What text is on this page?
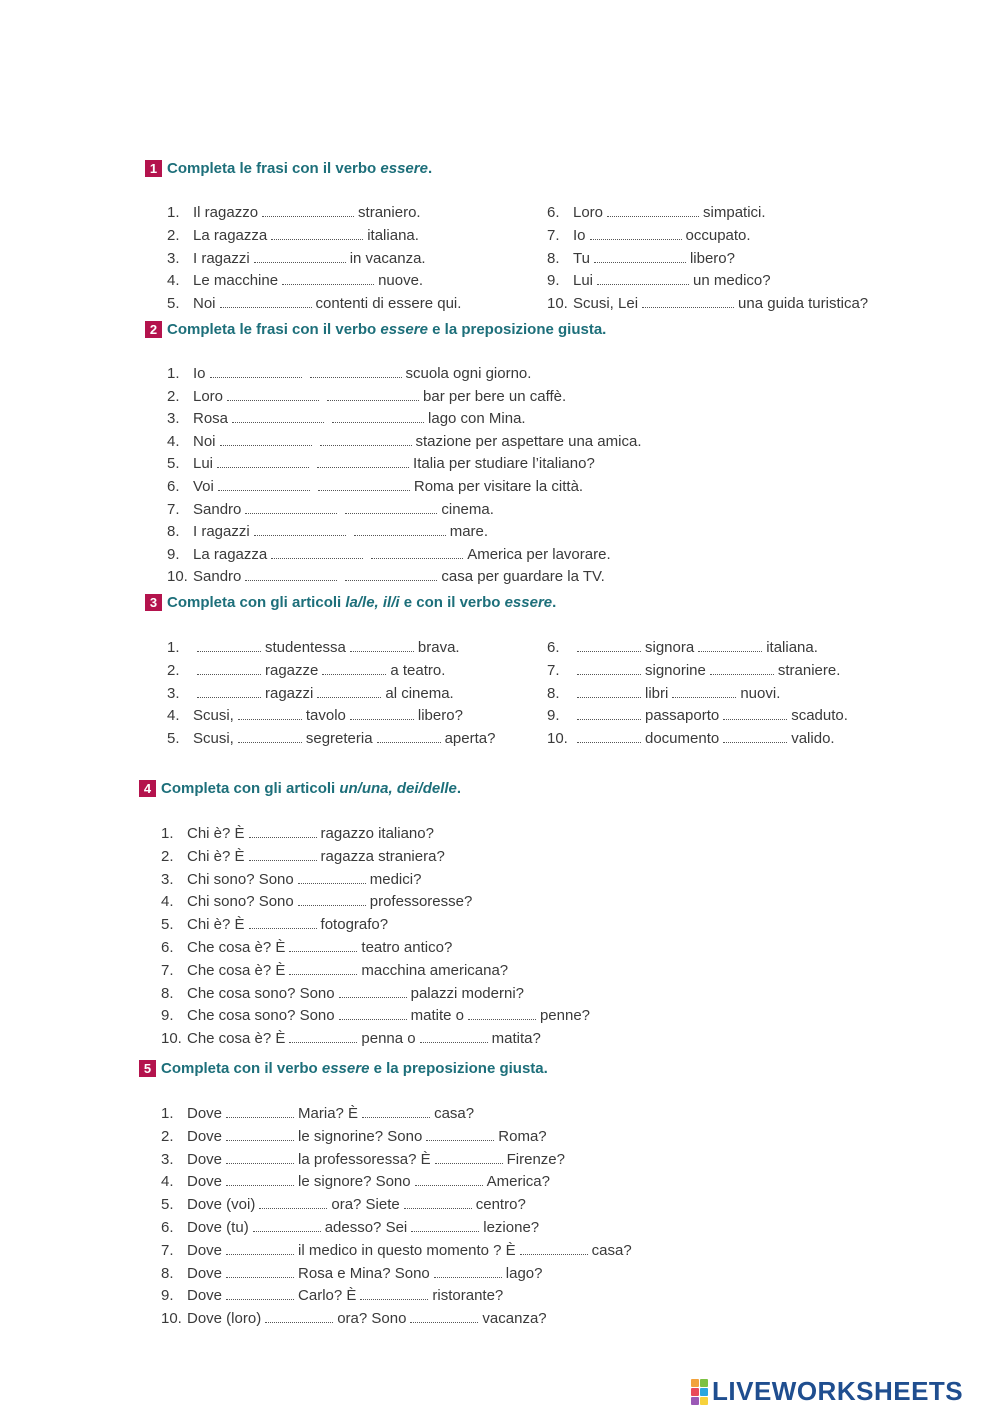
1 Completa le frasi con il verbo essere.
1. Il ragazzo	straniero.
2. La ragazza	italiana.
3. I ragazzi	in vacanza.
4. Le macchine	nuove.
5. Noi	contenti di essere qui.
6. Loro	simpatici.
7. Io	occupato.
8. Tu	libero?
9. Lui	un medico?
10. Scusi, Lei	una guida turistica?
2 Completa le frasi con il verbo essere e la preposizione giusta.
1. Io	scuola ogni giorno.
2. Loro	bar per bere un caffè.
3. Rosa	lago con Mina.
4. Noi	stazione per aspettare una amica.
5. Lui	Italia per studiare l’italiano?
6. Voi	Roma per visitare la città.
7. Sandro	cinema.
8. I ragazzi	mare.
9. La ragazza	America per lavorare.
10. Sandro	casa per guardare la TV.
3 Completa con gli articoli la/le, il/i e con il verbo essere.
1.	studentessa	brava.
2.	ragazze	a teatro.
3.	ragazzi	al cinema.
4. Scusi,	tavolo	libero?
5. Scusi,	segreteria	aperta?
6.	signora	italiana.
7.	signorine	straniere.
8.	libri	nuovi.
9.	passaporto	scaduto.
10.	documento	valido.
4 Completa con gli articoli un/una, dei/delle.
1. Chi è? È	ragazzo italiano?
2. Chi è? È	ragazza straniera?
3. Chi sono? Sono	medici?
4. Chi sono? Sono	professoresse?
5. Chi è? È	fotografo?
6. Che cosa è? È	teatro antico?
7. Che cosa è? È	macchina americana?
8. Che cosa sono? Sono	palazzi moderni?
9. Che cosa sono? Sono	matite o	penne?
10. Che cosa è? È	penna o	matita?
5 Completa con il verbo essere e la preposizione giusta.
1. Dove	Maria? È	casa?
2. Dove	le signorine? Sono	Roma?
3. Dove	la professoressa? È	Firenze?
4. Dove	le signore? Sono	America?
5. Dove (voi)	ora? Siete	centro?
6. Dove (tu)	adesso? Sei	lezione?
7. Dove	il medico in questo momento ? È	casa?
8. Dove	Rosa e Mina? Sono	lago?
9. Dove	Carlo? È	ristorante?
10. Dove (loro)	ora? Sono	vacanza?
LIVEWORKSHEETS
